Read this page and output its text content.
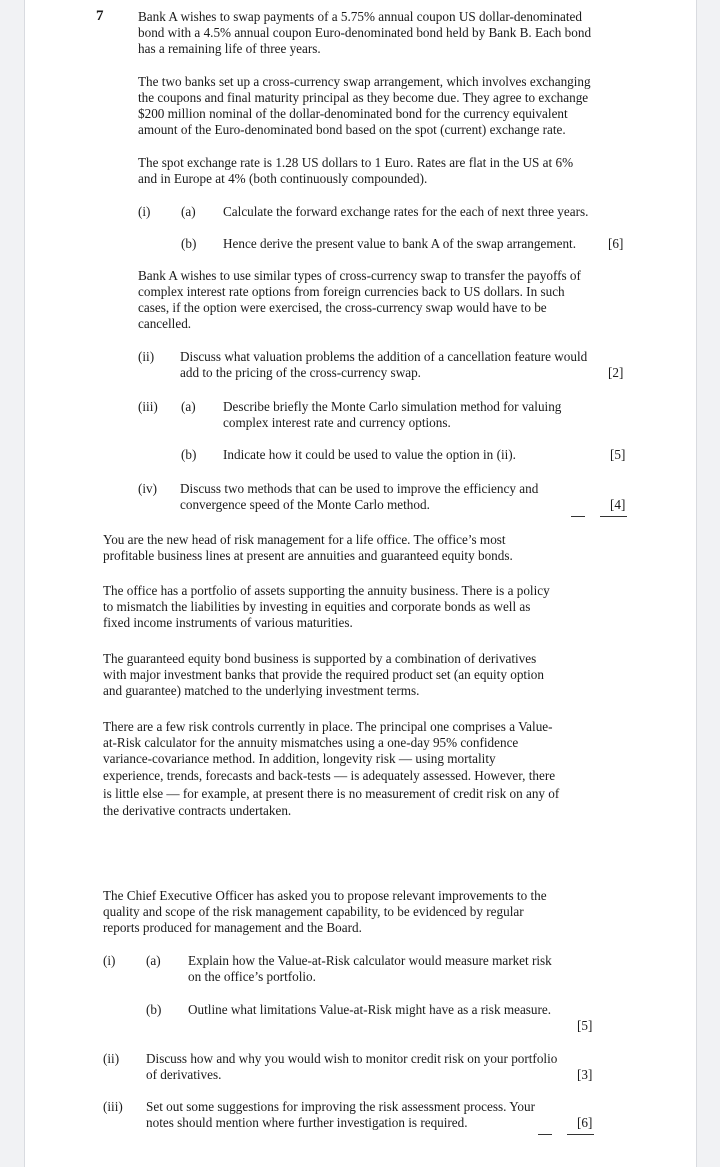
7	Bank A wishes to swap payments of a 5.75% annual coupon US dollar-denominated
bond with a 4.5% annual coupon Euro-denominated bond held by Bank B. Each bond
has a remaining life of three years.
The two banks set up a cross-currency swap arrangement, which involves exchanging
the coupons and final maturity principal as they become due. They agree to exchange
$200 million nominal of the dollar-denominated bond for the currency equivalent
amount of the Euro-denominated bond based on the spot (current) exchange rate.
The spot exchange rate is 1.28 US dollars to 1 Euro. Rates are flat in the US at 6%
and in Europe at 4% (both continuously compounded).
(i) (a) Calculate the forward exchange rates for the each of next three years.
(b) Hence derive the present value to bank A of the swap arrangement. [6]
Bank A wishes to use similar types of cross-currency swap to transfer the payoffs of
complex interest rate options from foreign currencies back to US dollars. In such
cases, if the option were exercised, the cross-currency swap would have to be
cancelled.
(ii) Discuss what valuation problems the addition of a cancellation feature would
add to the pricing of the cross-currency swap.	[2]
(iii) (a) Describe briefly the Monte Carlo simulation method for valuing
complex interest rate and currency options.
(b) Indicate how it could be used to value the option in (ii).	[5]
(iv) Discuss two methods that can be used to improve the efficiency and
convergence speed of the Monte Carlo method.	[4]
You are the new head of risk management for a life office. The office’s most
profitable business lines at present are annuities and guaranteed equity bonds.
The office has a portfolio of assets supporting the annuity business. There is a policy
to mismatch the liabilities by investing in equities and corporate bonds as well as
fixed income instruments of various maturities.
The guaranteed equity bond business is supported by a combination of derivatives
with major investment banks that provide the required product set (an equity option
and guarantee) matched to the underlying investment terms.
There are a few risk controls currently in place. The principal one comprises a Value-
at-Risk calculator for the annuity mismatches using a one-day 95% confidence
variance-covariance method. In addition, longevity risk — using mortality
experience, trends, forecasts and back-tests — is adequately assessed. However, there
is little else — for example, at present there is no measurement of credit risk on any of
the derivative contracts undertaken.
The Chief Executive Officer has asked you to propose relevant improvements to the
quality and scope of the risk management capability, to be evidenced by regular
reports produced for management and the Board.
(i) (a) Explain how the Value-at-Risk calculator would measure market risk
on the office’s portfolio.
(b) Outline what limitations Value-at-Risk might have as a risk measure.
[5]
(ii) Discuss how and why you would wish to monitor credit risk on your portfolio
of derivatives.	[3]
(iii) Set out some suggestions for improving the risk assessment process. Your
notes should mention where further investigation is required.	[6]
